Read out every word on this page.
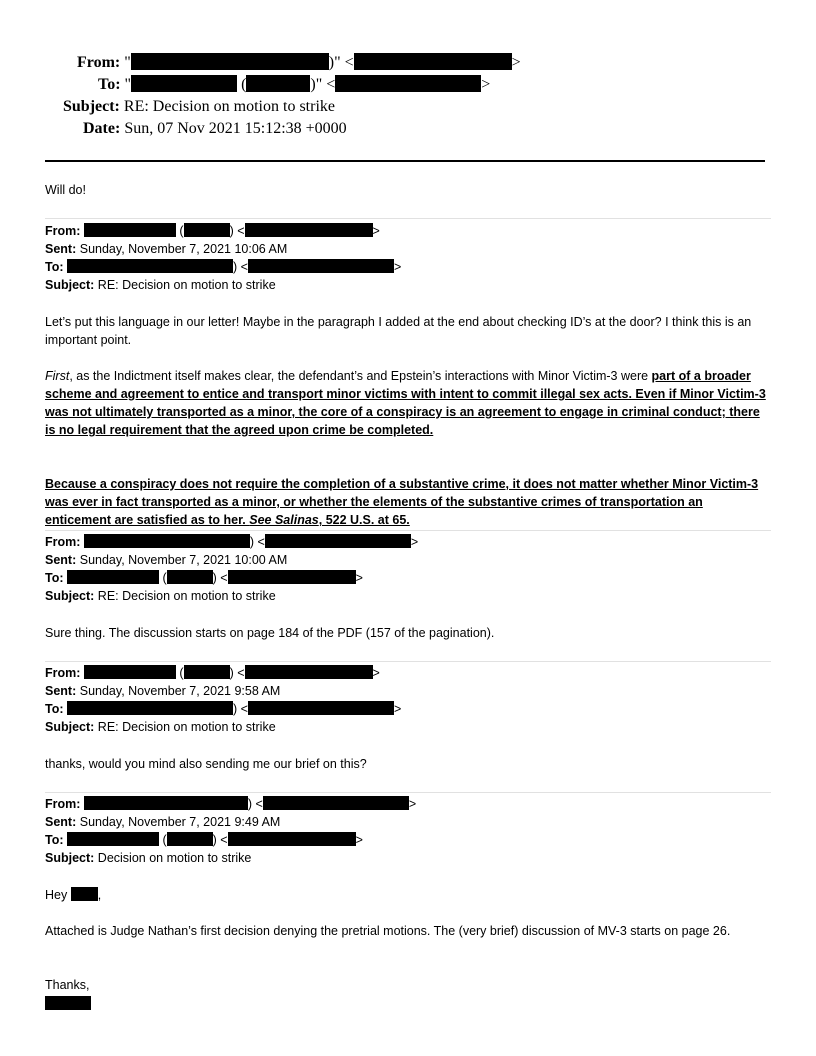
From: "	)" <	>
To: "	(	)" <	>
Subject: RE: Decision on motion to strike
Date: Sun, 07 Nov 2021 15:12:38 +0000
Will do!
From:	(	) <	>
Sent: Sunday, November 7, 2021 10:06 AM
To:	) <	>
Subject: RE: Decision on motion to strike
Let’s put this language in our letter! Maybe in the paragraph I added at the end about checking ID’s at the door? I think this is an important point.
First, as the Indictment itself makes clear, the defendant’s and Epstein’s interactions with Minor Victim-3 were part of a broader scheme and agreement to entice and transport minor victims with intent to commit illegal sex acts. Even if Minor Victim-3 was not ultimately transported as a minor, the core of a conspiracy is an agreement to engage in criminal conduct; there is no legal requirement that the agreed upon crime be completed.
Because a conspiracy does not require the completion of a substantive crime, it does not matter whether Minor Victim-3 was ever in fact transported as a minor, or whether the elements of the substantive crimes of transportation an enticement are satisfied as to her. See Salinas, 522 U.S. at 65.
From:	) <	>
Sent: Sunday, November 7, 2021 10:00 AM
To:	(	) <	>
Subject: RE: Decision on motion to strike
Sure thing. The discussion starts on page 184 of the PDF (157 of the pagination).
From:	(	) <	>
Sent: Sunday, November 7, 2021 9:58 AM
To:	) <	>
Subject: RE: Decision on motion to strike
thanks, would you mind also sending me our brief on this?
From:	) <	>
Sent: Sunday, November 7, 2021 9:49 AM
To:	(	) <	>
Subject: Decision on motion to strike
Hey ,
Attached is Judge Nathan’s first decision denying the pretrial motions. The (very brief) discussion of MV-3 starts on page 26.
Thanks,
